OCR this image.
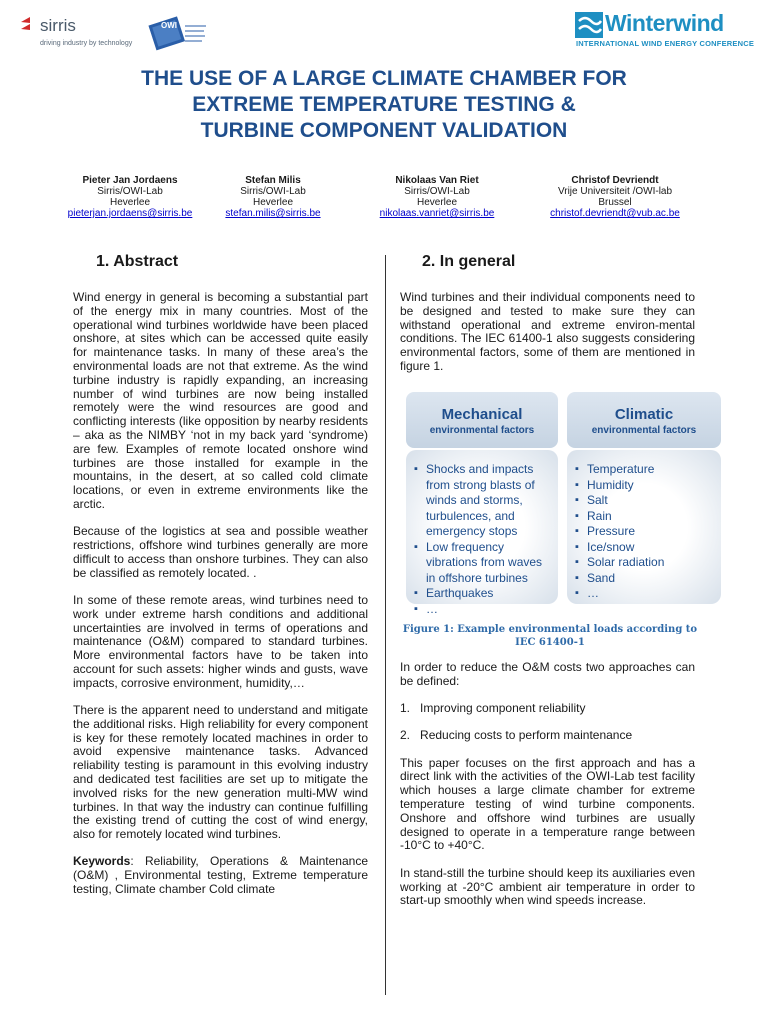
sirris
driving industry by technology
OWI	Winterwind
INTERNATIONAL WIND ENERGY CONFERENCE
THE USE OF A LARGE CLIMATE CHAMBER FOR
EXTREME TEMPERATURE TESTING &
TURBINE COMPONENT VALIDATION
Pieter Jan Jordaens
Sirris/OWI-Lab
Heverlee
pieterjan.jordaens@sirris.be
Stefan Milis
Sirris/OWI-Lab
Heverlee
stefan.milis@sirris.be
Nikolaas Van Riet
Sirris/OWI-Lab
Heverlee
nikolaas.vanriet@sirris.be
Christof Devriendt
Vrije Universiteit /OWI-lab
Brussel
christof.devriendt@vub.ac.be
1. Abstract	2. In general

Wind energy in general is becoming a substantial part of the energy mix in many countries. Most of the operational wind turbines worldwide have been placed onshore, at sites which can be accessed quite easily for maintenance tasks. In many of these area’s the environmental loads are not that extreme. As the wind turbine industry is rapidly expanding, an increasing number of wind turbines are now being installed remotely were the wind resources are good and conflicting interests (like opposition by nearby residents – aka as the NIMBY ‘not in my back yard ‘syndrome) are few. Examples of remote located onshore wind turbines are those installed for example in the mountains, in the desert, at so called cold climate locations, or even in extreme environments like the arctic.

Because of the logistics at sea and possible weather restrictions, offshore wind turbines generally are more difficult to access than onshore turbines. They can also be classified as remotely located. .

In some of these remote areas, wind turbines need to work under extreme harsh conditions and additional uncertainties are involved in terms of operations and maintenance (O&M) compared to standard turbines. More environmental factors have to be taken into account for such assets: higher winds and gusts, wave impacts, corrosive environment, humidity,…

There is the apparent need to understand and mitigate the additional risks. High reliability for every component is key for these remotely located machines in order to avoid expensive maintenance tasks. Advanced reliability testing is paramount in this evolving industry and dedicated test facilities are set up to mitigate the involved risks for the new generation multi-MW wind turbines. In that way the industry can continue fulfilling the existing trend of cutting the cost of wind energy, also for remotely located wind turbines.

Keywords: Reliability, Operations & Maintenance (O&M) , Environmental testing, Extreme temperature testing, Climate chamber Cold climate

Wind turbines and their individual components need to be designed and tested to make sure they can withstand operational and extreme environ-mental conditions. The IEC 61400-1 also suggests considering environmental factors, some of them are mentioned in figure 1.
Mechanical
environmental factors
Climatic
environmental factors
▪ Shocks and impacts from strong blasts of winds and storms, turbulences, and emergency stops
▪ Low frequency vibrations from waves in offshore turbines
▪ Earthquakes
▪ …
▪ Temperature
▪ Humidity
▪ Salt
▪ Rain
▪ Pressure
▪ Ice/snow
▪ Solar radiation
▪ Sand
▪ …
Figure 1: Example environmental loads according to IEC 61400-1

In order to reduce the O&M costs two approaches can be defined:

1. Improving component reliability

2. Reducing costs to perform maintenance

This paper focuses on the first approach and has a direct link with the activities of the OWI-Lab test facility which houses a large climate chamber for extreme temperature testing of wind turbine components. Onshore and offshore wind turbines are usually designed to operate in a temperature range between -10°C to +40°C.

In stand-still the turbine should keep its auxiliaries even working at -20°C ambient air temperature in order to start-up smoothly when wind speeds increase.
